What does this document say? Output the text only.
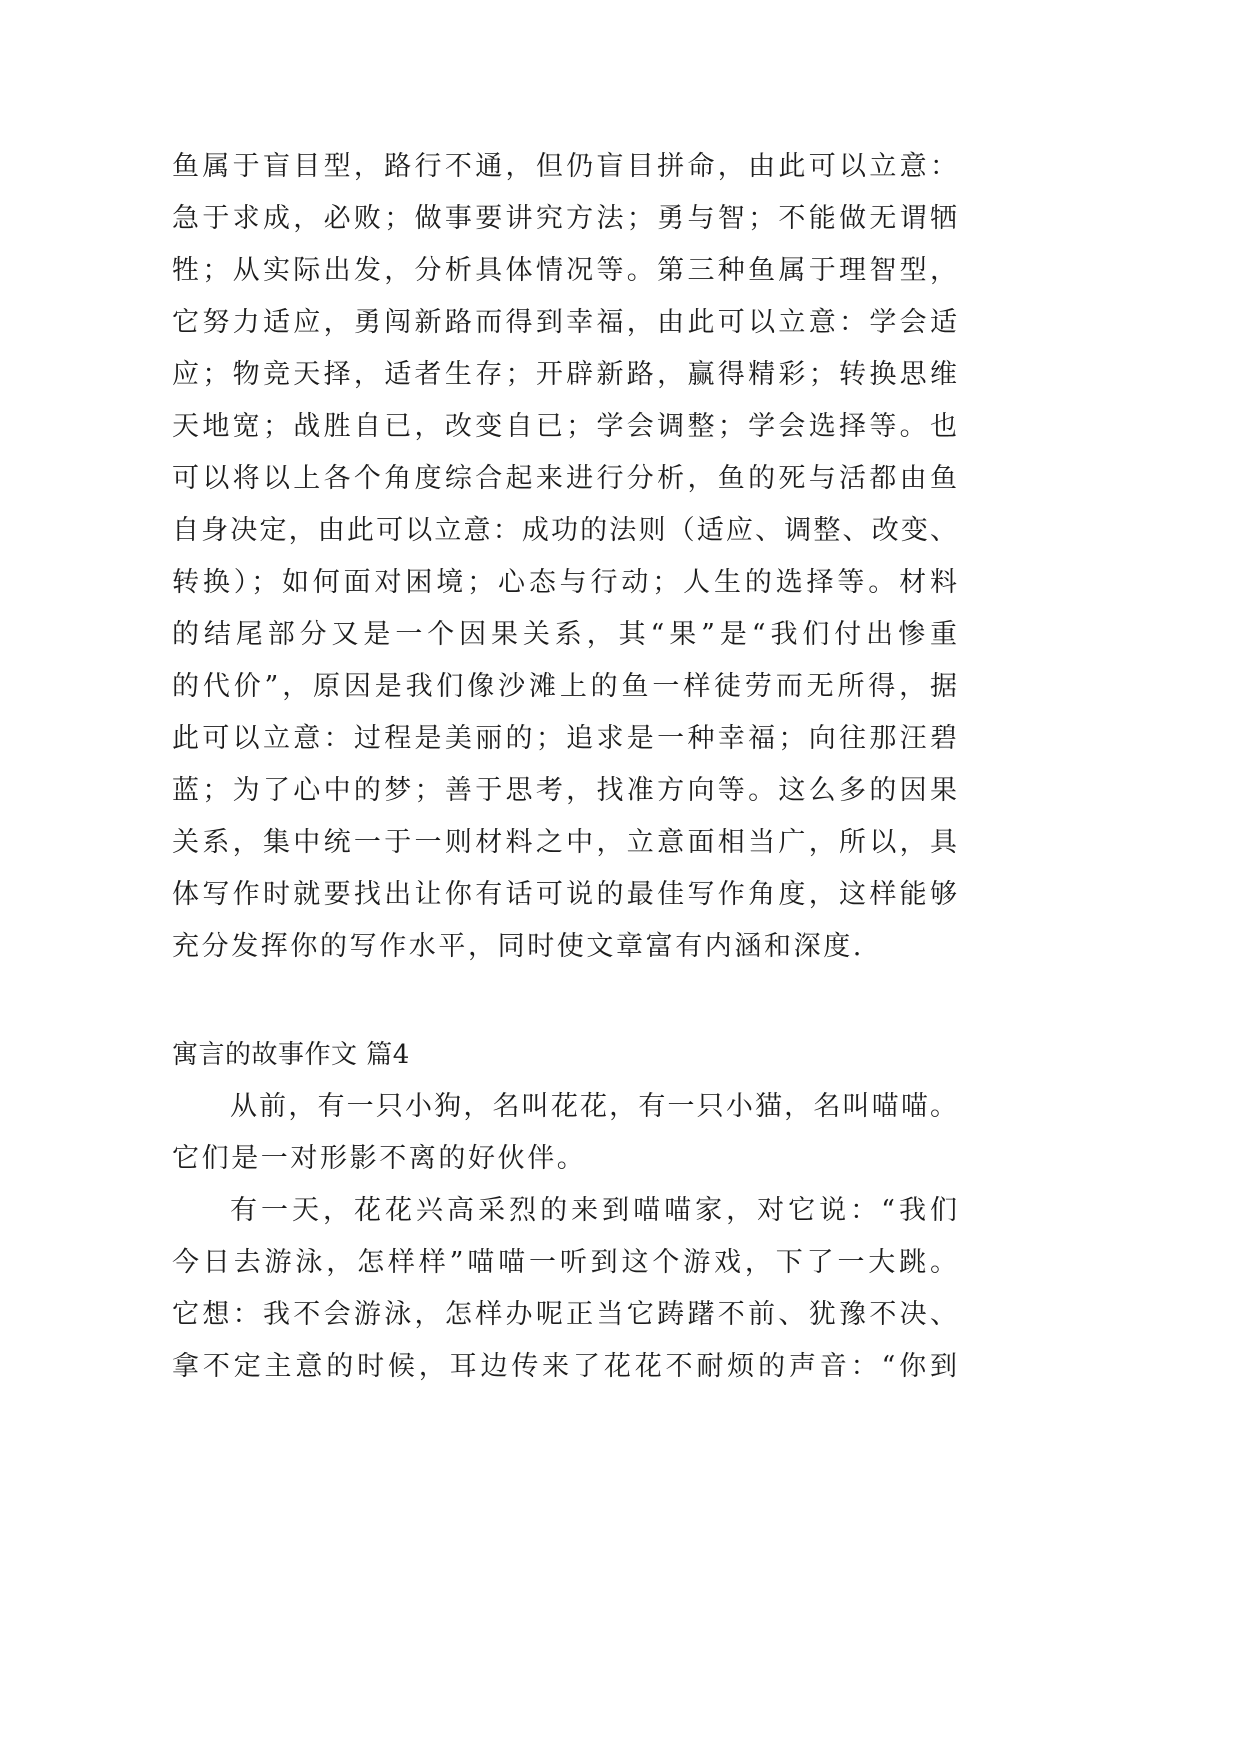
鱼属于盲目型，路行不通，但仍盲目拼命，由此可以立意：
急于求成，必败；做事要讲究方法；勇与智；不能做无谓牺
牲；从实际出发，分析具体情况等。第三种鱼属于理智型，
它努力适应，勇闯新路而得到幸福，由此可以立意：学会适
应；物竞天择，适者生存；开辟新路，赢得精彩；转换思维
天地宽；战胜自已，改变自已；学会调整；学会选择等。也
可以将以上各个角度综合起来进行分析，鱼的死与活都由鱼
自身决定，由此可以立意：成功的法则（适应、调整、改变、
转换）；如何面对困境；心态与行动；人生的选择等。材料
的结尾部分又是一个因果关系，其“果”是“我们付出惨重
的代价”，原因是我们像沙滩上的鱼一样徒劳而无所得，据
此可以立意：过程是美丽的；追求是一种幸福；向往那汪碧
蓝；为了心中的梦；善于思考，找准方向等。这么多的因果
关系，集中统一于一则材料之中，立意面相当广，所以，具
体写作时就要找出让你有话可说的最佳写作角度，这样能够
充分发挥你的写作水平，同时使文章富有内涵和深度.
寓言的故事作文 篇4
从前，有一只小狗，名叫花花，有一只小猫，名叫喵喵。
它们是一对形影不离的好伙伴。
有一天，花花兴高采烈的来到喵喵家，对它说：“我们
今日去游泳，怎样样”喵喵一听到这个游戏，下了一大跳。
它想：我不会游泳，怎样办呢正当它踌躇不前、犹豫不决、
拿不定主意的时候，耳边传来了花花不耐烦的声音：“你到
